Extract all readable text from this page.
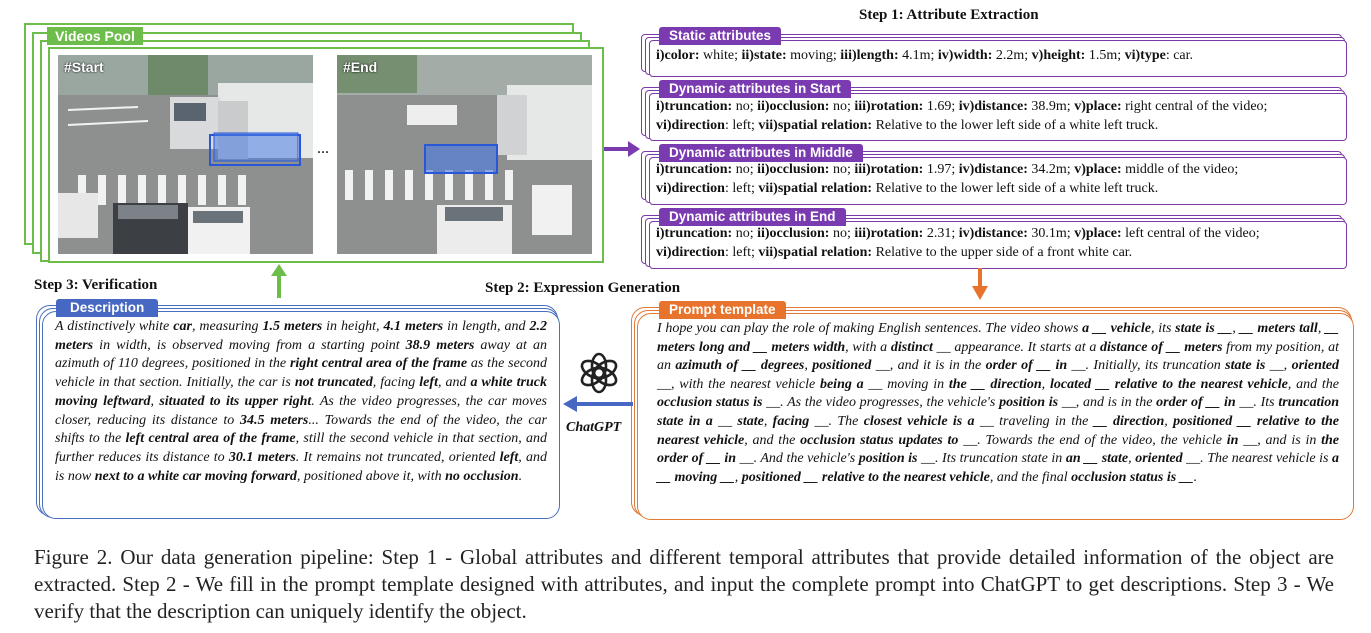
Videos Pool
#Start
...
#End
Step 1: Attribute Extraction
Static attributes
i)color: white; ii)state: moving; iii)length: 4.1m; iv)width: 2.2m; v)height: 1.5m; vi)type: car.
Dynamic attributes in Start
i)truncation: no; ii)occlusion: no; iii)rotation: 1.69; iv)distance: 38.9m; v)place: right central of the video;
vi)direction: left; vii)spatial relation: Relative to the lower left side of a white left truck.
Dynamic attributes in Middle
i)truncation: no; ii)occlusion: no; iii)rotation: 1.97; iv)distance: 34.2m; v)place: middle of the video;
vi)direction: left; vii)spatial relation: Relative to the lower left side of a white left truck.
Dynamic attributes in End
i)truncation: no; ii)occlusion: no; iii)rotation: 2.31; iv)distance: 30.1m; v)place: left central of the video;
vi)direction: left; vii)spatial relation: Relative to the upper side of a front white car.
Step 2: Expression Generation
Prompt template
I hope you can play the role of making English sentences. The video shows a __ vehicle, its state is __, __ meters tall, __ meters long and __ meters width, with a distinct __ appearance. It starts at a distance of __ meters from my position, at an azimuth of __ degrees, positioned __, and it is in the order of __ in __. Initially, its truncation state is __, oriented __, with the nearest vehicle being a __ moving in the __ direction, located __ relative to the nearest vehicle, and the occlusion status is __. As the video progresses, the vehicle's position is __, and is in the order of __ in __. Its truncation state in a __ state, facing __. The closest vehicle is a __ traveling in the __ direction, positioned __ relative to the nearest vehicle, and the occlusion status updates to __. Towards the end of the video, the vehicle in __, and is in the order of __ in __. And the vehicle's position is __. Its truncation state in an __ state, oriented __. The nearest vehicle is a __ moving __, positioned __ relative to the nearest vehicle, and the final occlusion status is __.
ChatGPT
Step 3: Verification
Description
A distinctively white car, measuring 1.5 meters in height, 4.1 meters in length, and 2.2 meters in width, is observed moving from a starting point 38.9 meters away at an azimuth of 110 degrees, positioned in the right central area of the frame as the second vehicle in that section. Initially, the car is not truncated, facing left, and a white truck moving leftward, situated to its upper right. As the video progresses, the car moves closer, reducing its distance to 34.5 meters... Towards the end of the video, the car shifts to the left central area of the frame, still the second vehicle in that section, and further reduces its distance to 30.1 meters. It remains not truncated, oriented left, and is now next to a white car moving forward, positioned above it, with no occlusion.
Figure 2. Our data generation pipeline: Step 1 - Global attributes and different temporal attributes that provide detailed information of the object are extracted. Step 2 - We fill in the prompt template designed with attributes, and input the complete prompt into ChatGPT to get descriptions. Step 3 - We verify that the description can uniquely identify the object.
